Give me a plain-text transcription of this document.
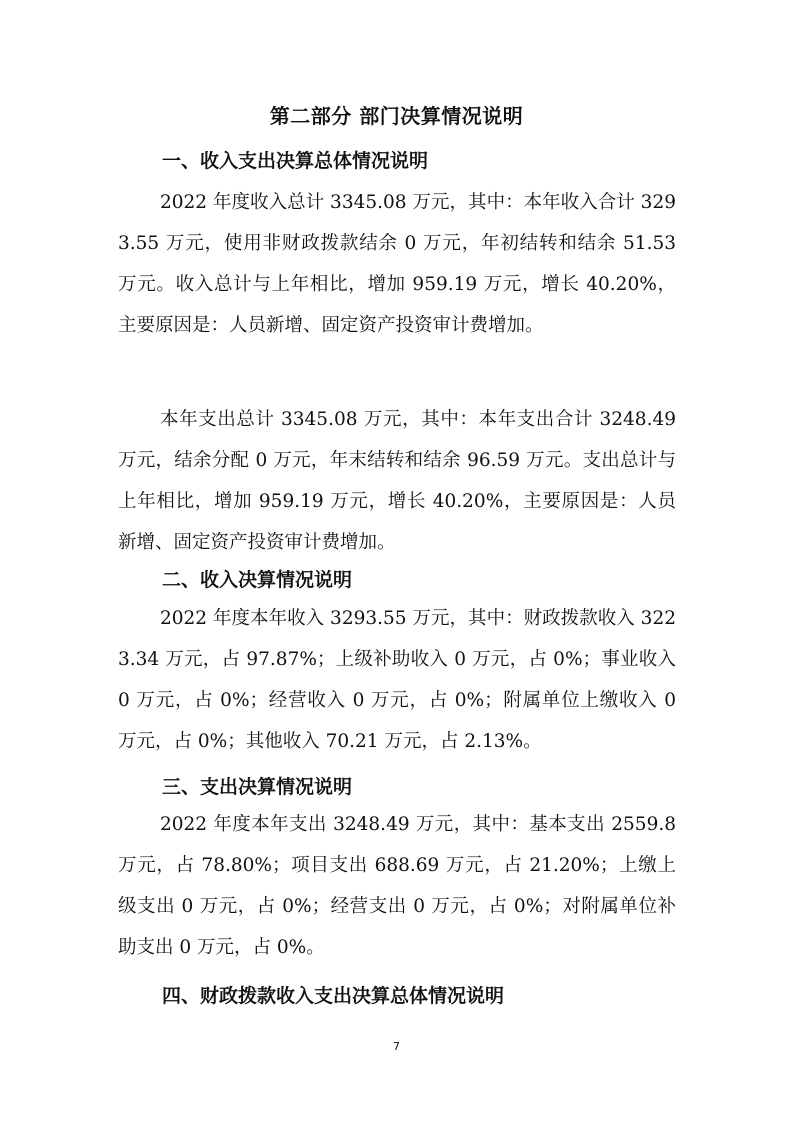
第二部分 部门决算情况说明
一、收入支出决算总体情况说明
2022 年度收入总计 3345.08 万元，其中：本年收入合计 3293.55 万元，使用非财政拨款结余 0 万元，年初结转和结余 51.53 万元。收入总计与上年相比，增加 959.19 万元，增长 40.20%，主要原因是：人员新增、固定资产投资审计费增加。
本年支出总计 3345.08 万元，其中：本年支出合计 3248.49 万元，结余分配 0 万元，年末结转和结余 96.59 万元。支出总计与上年相比，增加 959.19 万元，增长 40.20%，主要原因是：人员新增、固定资产投资审计费增加。
二、收入决算情况说明
2022 年度本年收入 3293.55 万元，其中：财政拨款收入 3223.34 万元，占 97.87%；上级补助收入 0 万元，占 0%；事业收入 0 万元，占 0%；经营收入 0 万元，占 0%；附属单位上缴收入 0 万元，占 0%；其他收入 70.21 万元，占 2.13%。
三、支出决算情况说明
2022 年度本年支出 3248.49 万元，其中：基本支出 2559.8 万元，占 78.80%；项目支出 688.69 万元，占 21.20%；上缴上级支出 0 万元，占 0%；经营支出 0 万元，占 0%；对附属单位补助支出 0 万元，占 0%。
四、财政拨款收入支出决算总体情况说明
7
